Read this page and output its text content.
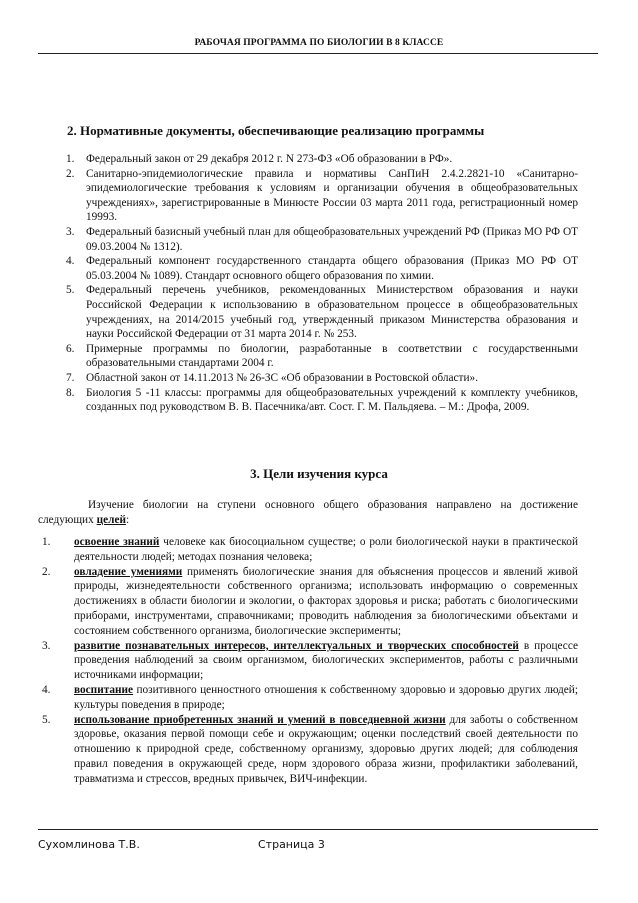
РАБОЧАЯ ПРОГРАММА ПО БИОЛОГИИ В 8 КЛАССЕ
2. Нормативные документы, обеспечивающие реализацию программы
1. Федеральный закон от 29 декабря 2012 г. N 273-ФЗ «Об образовании в РФ».
2. Санитарно-эпидемиологические правила и нормативы СанПиН 2.4.2.2821-10 «Санитарно-эпидемиологические требования к условиям и организации обучения в общеобразовательных учреждениях», зарегистрированные в Минюсте России 03 марта 2011 года, регистрационный номер 19993.
3. Федеральный базисный учебный план для общеобразовательных учреждений РФ (Приказ МО РФ ОТ 09.03.2004 № 1312).
4. Федеральный компонент государственного стандарта общего образования (Приказ МО РФ ОТ 05.03.2004 № 1089). Стандарт основного общего образования по химии.
5. Федеральный перечень учебников, рекомендованных Министерством образования и науки Российской Федерации к использованию в образовательном процессе в общеобразовательных учреждениях, на 2014/2015 учебный год, утвержденный приказом Министерства образования и науки Российской Федерации от 31 марта 2014 г. № 253.
6. Примерные программы по биологии, разработанные в соответствии с государственными образовательными стандартами 2004 г.
7. Областной закон от 14.11.2013 № 26-ЗС «Об образовании в Ростовской области».
8. Биология 5 -11 классы: программы для общеобразовательных учреждений к комплекту учебников, созданных под руководством В. В. Пасечника/авт. Сост. Г. М. Пальдяева. – М.: Дрофа, 2009.
3. Цели изучения курса
Изучение биологии на ступени основного общего образования направлено на достижение следующих целей:
1. освоение знаний человеке как биосоциальном существе; о роли биологической науки в практической деятельности людей; методах познания человека;
2. овладение умениями применять биологические знания для объяснения процессов и явлений живой природы, жизнедеятельности собственного организма; использовать информацию о современных достижениях в области биологии и экологии, о факторах здоровья и риска; работать с биологическими приборами, инструментами, справочниками; проводить наблюдения за биологическими объектами и состоянием собственного организма, биологические эксперименты;
3. развитие познавательных интересов, интеллектуальных и творческих способностей в процессе проведения наблюдений за своим организмом, биологических экспериментов, работы с различными источниками информации;
4. воспитание позитивного ценностного отношения к собственному здоровью и здоровью других людей; культуры поведения в природе;
5. использование приобретенных знаний и умений в повседневной жизни для заботы о собственном здоровье, оказания первой помощи себе и окружающим; оценки последствий своей деятельности по отношению к природной среде, собственному организму, здоровью других людей; для соблюдения правил поведения в окружающей среде, норм здорового образа жизни, профилактики заболеваний, травматизма и стрессов, вредных привычек, ВИЧ-инфекции.
Сухомлинова Т.В.	Страница 3
